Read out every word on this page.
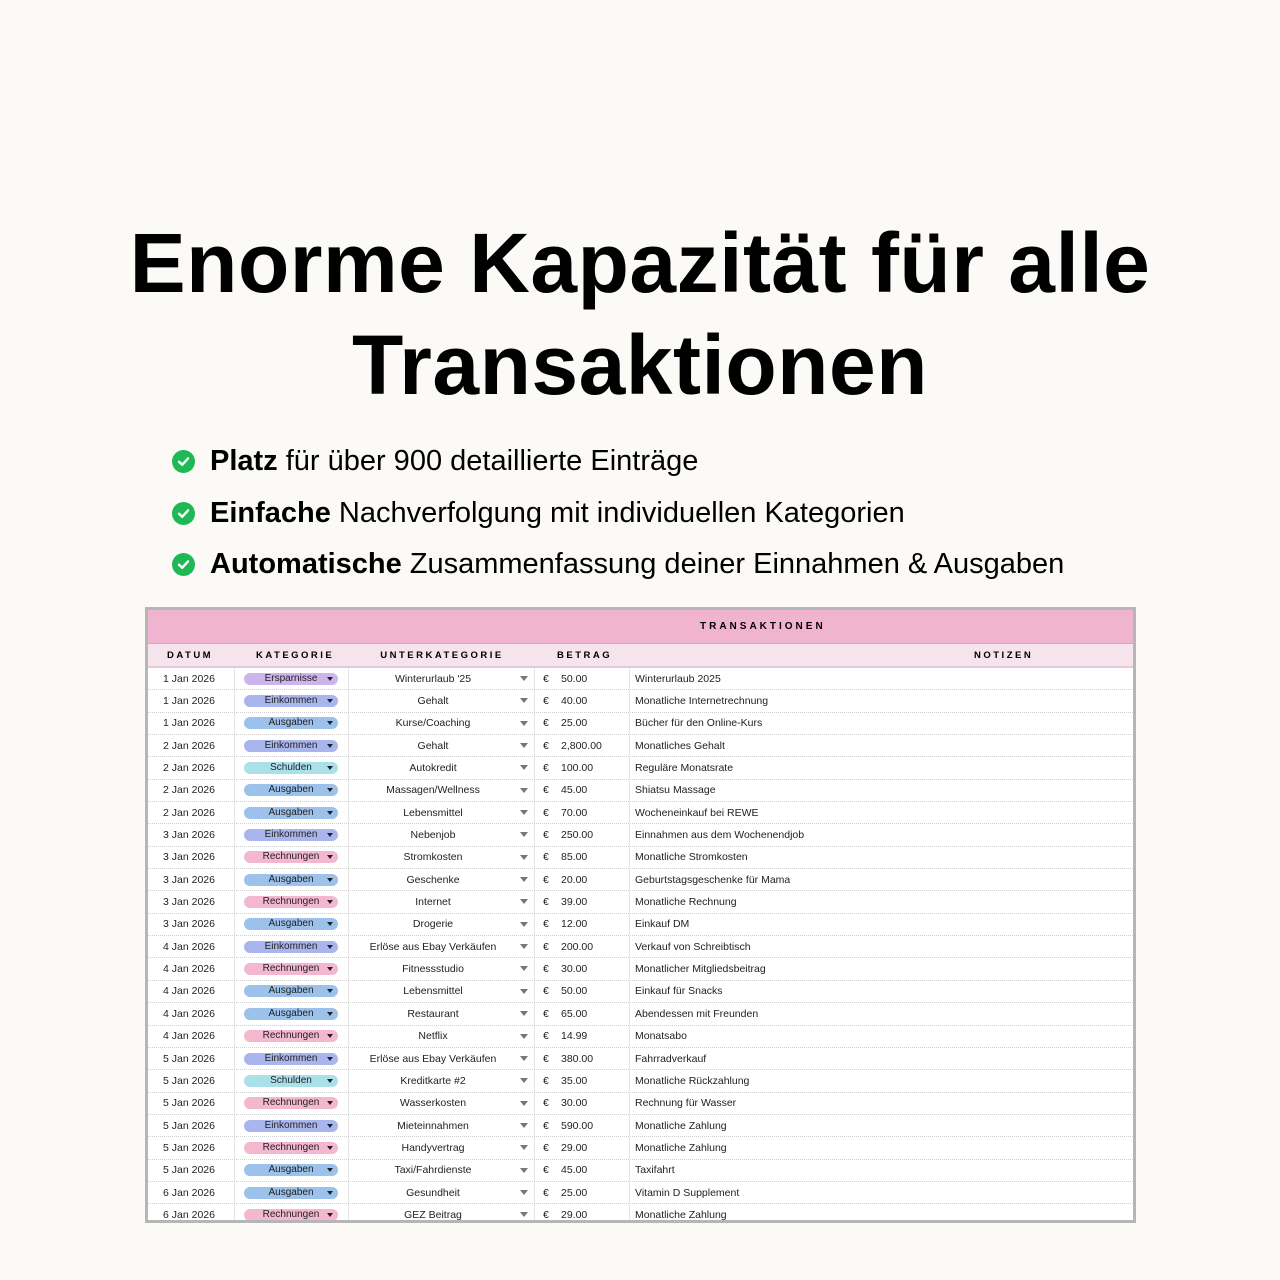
Enorme Kapazität für alle
Transaktionen
Platz für über 900 detaillierte Einträge
Einfache Nachverfolgung mit individuellen Kategorien
Automatische Zusammenfassung deiner Einnahmen & Ausgaben
TRANSAKTIONEN
DATUM	KATEGORIE	UNTERKATEGORIE	BETRAG	NOTIZEN
1 Jan 2026	Ersparnisse	Winterurlaub '25	€	50.00	Winterurlaub 2025
1 Jan 2026	Einkommen	Gehalt	€	40.00	Monatliche Internetrechnung
1 Jan 2026	Ausgaben	Kurse/Coaching	€	25.00	Bücher für den Online-Kurs
2 Jan 2026	Einkommen	Gehalt	€	2,800.00	Monatliches Gehalt
2 Jan 2026	Schulden	Autokredit	€	100.00	Reguläre Monatsrate
2 Jan 2026	Ausgaben	Massagen/Wellness	€	45.00	Shiatsu Massage
2 Jan 2026	Ausgaben	Lebensmittel	€	70.00	Wocheneinkauf bei REWE
3 Jan 2026	Einkommen	Nebenjob	€	250.00	Einnahmen aus dem Wochenendjob
3 Jan 2026	Rechnungen	Stromkosten	€	85.00	Monatliche Stromkosten
3 Jan 2026	Ausgaben	Geschenke	€	20.00	Geburtstagsgeschenke für Mama
3 Jan 2026	Rechnungen	Internet	€	39.00	Monatliche Rechnung
3 Jan 2026	Ausgaben	Drogerie	€	12.00	Einkauf DM
4 Jan 2026	Einkommen	Erlöse aus Ebay Verkäufen	€	200.00	Verkauf von Schreibtisch
4 Jan 2026	Rechnungen	Fitnessstudio	€	30.00	Monatlicher Mitgliedsbeitrag
4 Jan 2026	Ausgaben	Lebensmittel	€	50.00	Einkauf für Snacks
4 Jan 2026	Ausgaben	Restaurant	€	65.00	Abendessen mit Freunden
4 Jan 2026	Rechnungen	Netflix	€	14.99	Monatsabo
5 Jan 2026	Einkommen	Erlöse aus Ebay Verkäufen	€	380.00	Fahrradverkauf
5 Jan 2026	Schulden	Kreditkarte #2	€	35.00	Monatliche Rückzahlung
5 Jan 2026	Rechnungen	Wasserkosten	€	30.00	Rechnung für Wasser
5 Jan 2026	Einkommen	Mieteinnahmen	€	590.00	Monatliche Zahlung
5 Jan 2026	Rechnungen	Handyvertrag	€	29.00	Monatliche Zahlung
5 Jan 2026	Ausgaben	Taxi/Fahrdienste	€	45.00	Taxifahrt
6 Jan 2026	Ausgaben	Gesundheit	€	25.00	Vitamin D Supplement
6 Jan 2026	Rechnungen	GEZ Beitrag	€	29.00	Monatliche Zahlung
